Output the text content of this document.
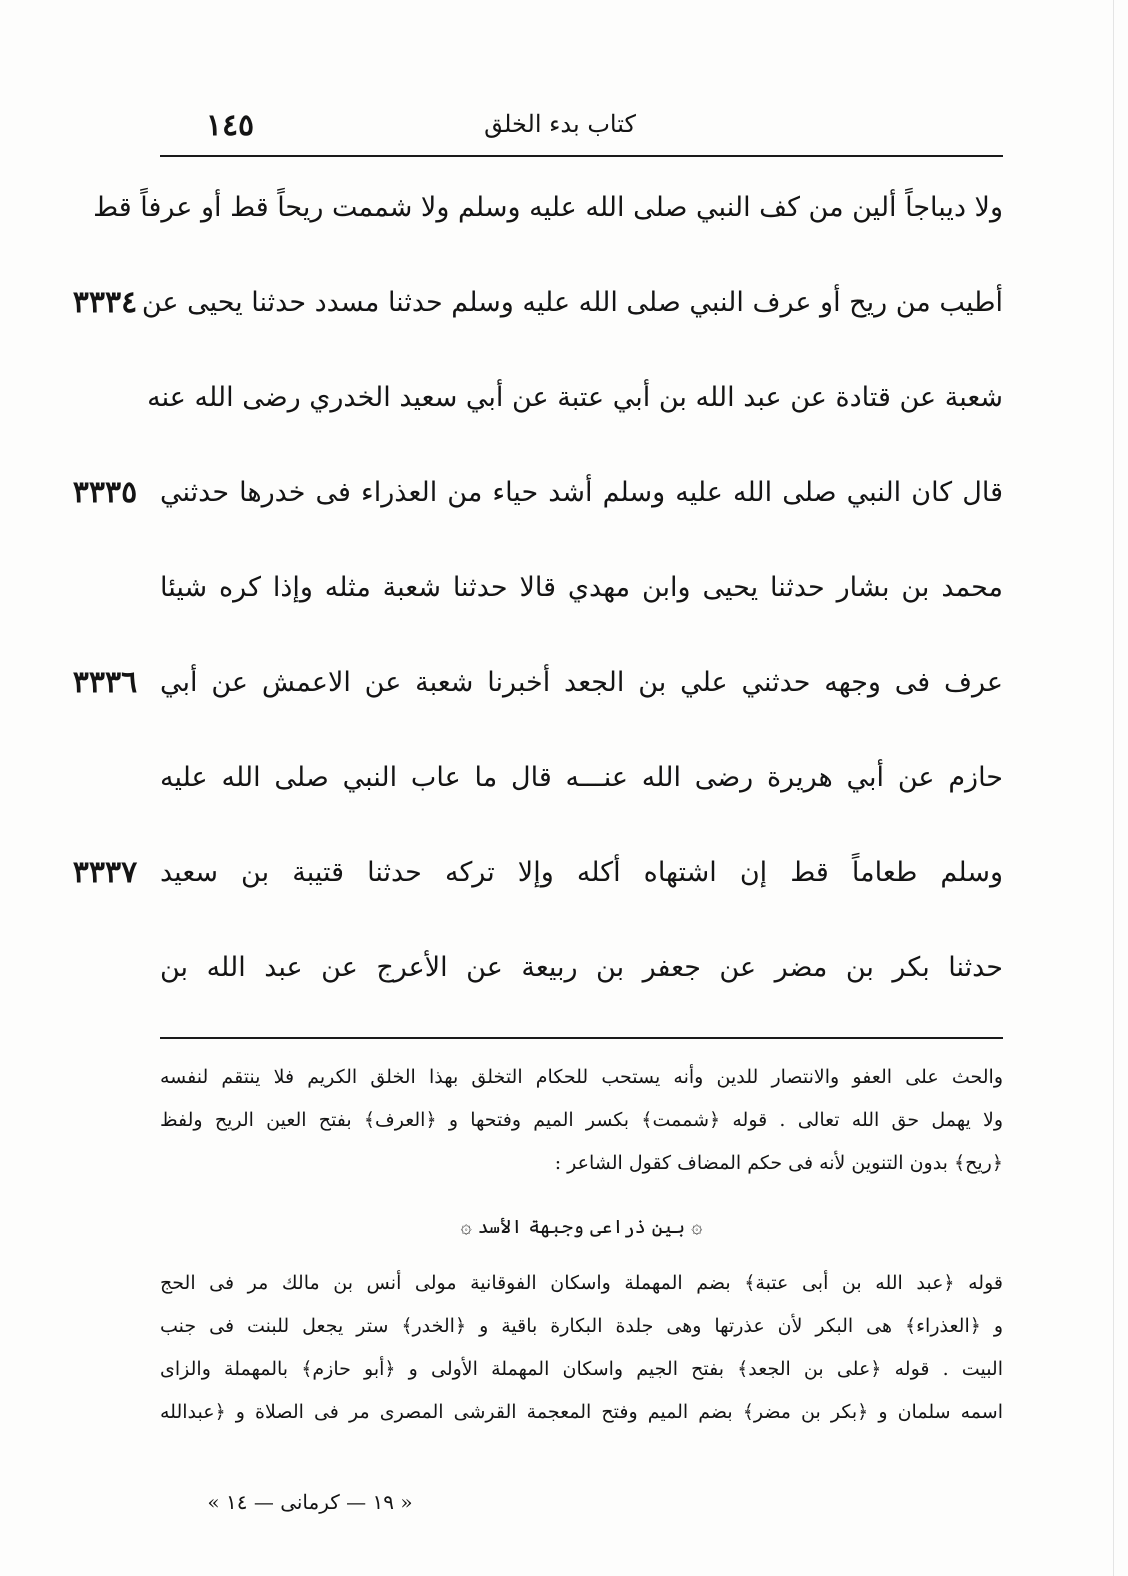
١٤٥	كتاب بدء الخلق
ولا ديباجاً ألين من كف النبي صلى الله عليه وسلم ولا شممت ريحاً قط أو عرفاً قط
أطيب من ريح أو عرف النبي صلى الله عليه وسلم حدثنا مسدد حدثنا يحيى عن
شعبة عن قتادة عن عبد الله بن أبي عتبة عن أبي سعيد الخدري رضى الله عنه
قال كان النبي صلى الله عليه وسلم أشد حياء من العذراء فى خدرها حدثني
محمد بن بشار حدثنا يحيى وابن مهدي قالا حدثنا شعبة مثله وإذا كره شيئا
عرف فى وجهه حدثني علي بن الجعد أخبرنا شعبة عن الاعمش عن أبي
حازم عن أبي هريرة رضى الله عنـــه قال ما عاب النبي صلى الله عليه
وسلم طعاماً قط إن اشتهاه أكله وإلا تركه حدثنا قتيبة بن سعيد
حدثنا بكر بن مضر عن جعفر بن ربيعة عن الأعرج عن عبد الله بن
٣٣٣٤
٣٣٣٥
٣٣٣٦
٣٣٣٧
والحث على العفو والانتصار للدين وأنه يستحب للحكام التخلق بهذا الخلق الكريم فلا ينتقم لنفسه
ولا يهمل حق الله تعالى . قوله ﴿شممت﴾ بكسر الميم وفتحها و ﴿العرف﴾ بفتح العين الريح ولفظ
﴿ريح﴾ بدون التنوين لأنه فى حكم المضاف كقول الشاعر :
۞ بين ذراعى وجبهة الأسد ۞
قوله ﴿عبد الله بن أبى عتبة﴾ بضم المهملة واسكان الفوقانية مولى أنس بن مالك مر فى الحج
و ﴿العذراء﴾ هى البكر لأن عذرتها وهى جلدة البكارة باقية و ﴿الخدر﴾ ستر يجعل للبنت فى جنب
البيت . قوله ﴿على بن الجعد﴾ بفتح الجيم واسكان المهملة الأولى و ﴿أبو حازم﴾ بالمهملة والزاى
اسمه سلمان و ﴿بكر بن مضر﴾ بضم الميم وفتح المعجمة القرشى المصرى مر فى الصلاة و ﴿عبدالله
« ١٩ — كرمانى — ١٤ »
